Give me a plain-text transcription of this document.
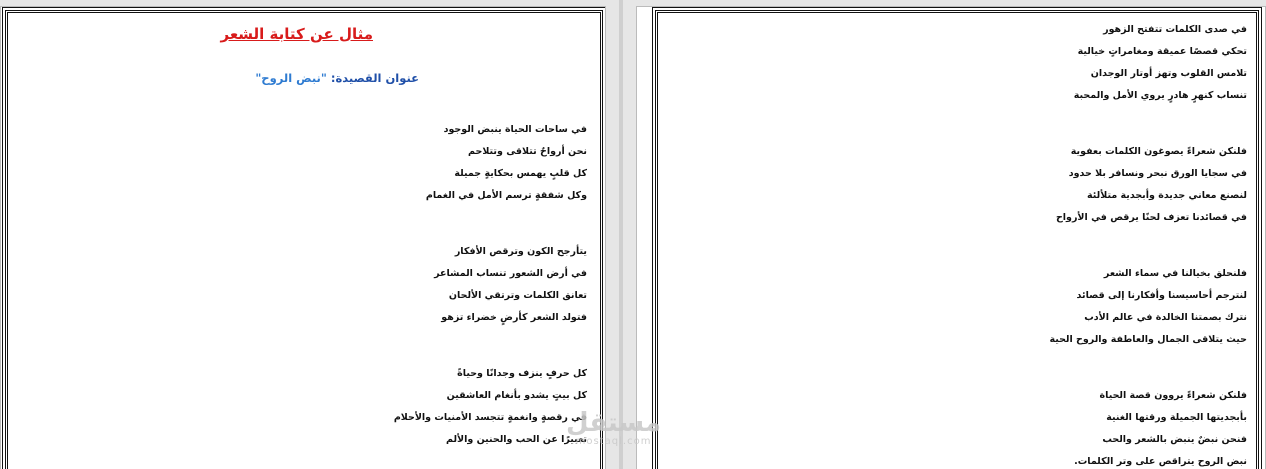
مثال عن كتابة الشعر
عنوان القصيدة: "نبض الروح"
في ساحات الحياة ينبض الوجود
نحن أرواحٌ تتلاقى وتتلاحم
كل قلبٍ يهمس بحكايةٍ جميلة
وكل شفقةٍ ترسم الأمل في الغمام
يتأرجح الكون وترقص الأفكار
في أرض الشعور تنساب المشاعر
تعانق الكلمات وترتقي الألحان
فتولد الشعر كأرضٍ خضراء تزهو
كل حرفٍ ينزف وجدانًا وحياةً
كل بيتٍ يشدو بأنغام العاشقين
في رقصةٍ وانغمةٍ تتجسد الأمنيات والأحلام
تعبيرًا عن الحب والحنين والألم
في صدى الكلمات تتفتح الزهور
تحكي قصصًا عميقة ومغامراتٍ خيالية
تلامس القلوب وتهز أوتار الوجدان
تنساب كنهرٍ هادرٍ يروي الأمل والمحبة
فلنكن شعراءً يصوغون الكلمات بعفوية
في سجايا الورق نبحر ونسافر بلا حدود
لنصنع معاني جديدة وأبجدية متلألئة
في قصائدنا تعزف لحنًا يرقص في الأرواح
فلنحلق بخيالنا في سماء الشعر
لنترجم أحاسيسنا وأفكارنا إلى قصائد
نترك بصمتنا الخالدة في عالم الأدب
حيث يتلاقى الجمال والعاطفة والروح الحية
فلنكن شعراءً يروون قصة الحياة
بأبجديتها الجميلة ورقتها الغنية
فنحن نبضٌ ينبض بالشعر والحب
نبض الروح يتراقص على وتر الكلمات.
مستقل
mostaql.com
